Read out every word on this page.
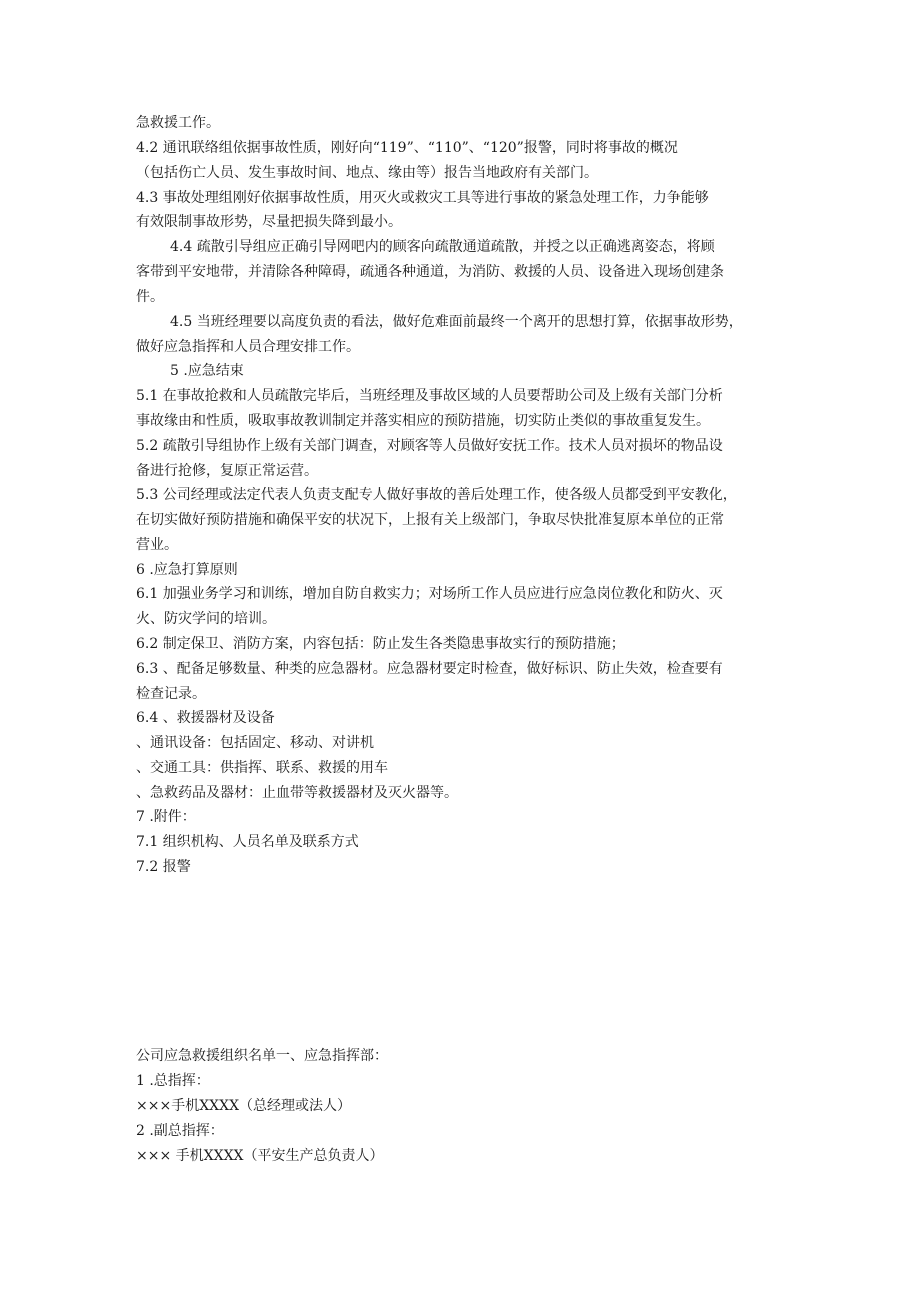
急救援工作。
4.2 通讯联络组依据事故性质，刚好向“119”、“110”、“120”报警，同时将事故的概况
（包括伤亡人员、发生事故时间、地点、缘由等）报告当地政府有关部门。
4.3 事故处理组刚好依据事故性质，用灭火或救灾工具等进行事故的紧急处理工作，力争能够
有效限制事故形势，尽量把损失降到最小。
4.4 疏散引导组应正确引导网吧内的顾客向疏散通道疏散，并授之以正确逃离姿态，将顾
客带到平安地带，并清除各种障碍，疏通各种通道，为消防、救援的人员、设备进入现场创建条
件。
4.5 当班经理要以高度负责的看法，做好危难面前最终一个离开的思想打算，依据事故形势，
做好应急指挥和人员合理安排工作。
5 .应急结束
5.1 在事故抢救和人员疏散完毕后，当班经理及事故区域的人员要帮助公司及上级有关部门分析
事故缘由和性质，吸取事故教训制定并落实相应的预防措施，切实防止类似的事故重复发生。
5.2 疏散引导组协作上级有关部门调查，对顾客等人员做好安抚工作。技术人员对损坏的物品设
备进行抢修，复原正常运营。
5.3 公司经理或法定代表人负责支配专人做好事故的善后处理工作，使各级人员都受到平安教化，
在切实做好预防措施和确保平安的状况下，上报有关上级部门，争取尽快批准复原本单位的正常
营业。
6 .应急打算原则
6.1 加强业务学习和训练，增加自防自救实力；对场所工作人员应进行应急岗位教化和防火、灭
火、防灾学问的培训。
6.2 制定保卫、消防方案，内容包括：防止发生各类隐患事故实行的预防措施；
6.3 、配备足够数量、种类的应急器材。应急器材要定时检查，做好标识、防止失效，检查要有
检查记录。
6.4 、救援器材及设备
、通讯设备：包括固定、移动、对讲机
、交通工具：供指挥、联系、救援的用车
、急救药品及器材：止血带等救援器材及灭火器等。
7 .附件：
7.1 组织机构、人员名单及联系方式
7.2 报警
公司应急救援组织名单一、应急指挥部：
1 .总指挥：
×××手机XXXX（总经理或法人）
2 .副总指挥：
××× 手机XXXX（平安生产总负责人）
